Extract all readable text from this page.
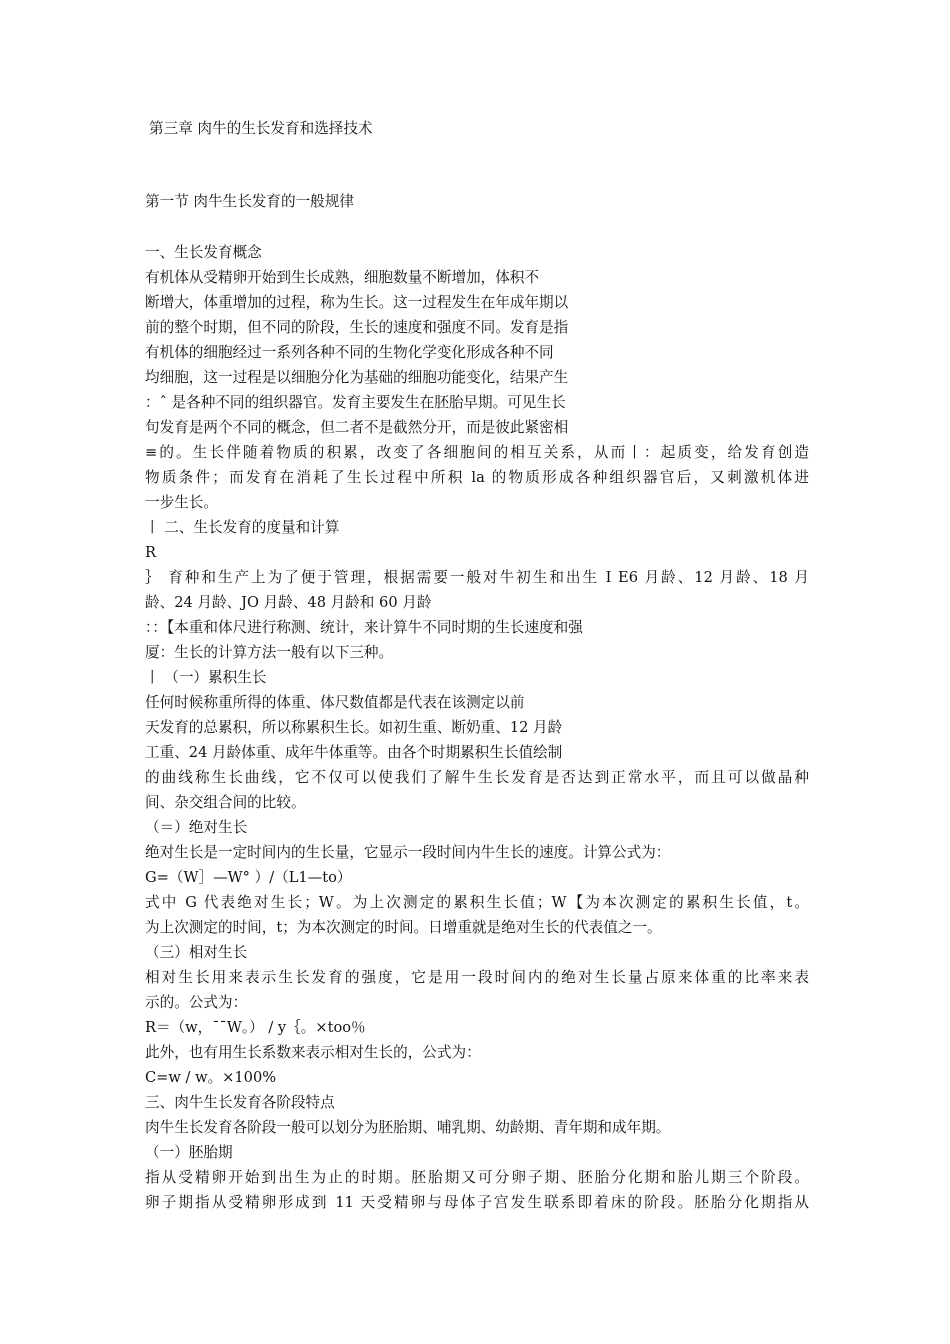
第三章 肉牛的生长发育和选择技术
第一节 肉牛生长发育的一般规律
一、生长发育概念
有机体从受精卵开始到生长成熟，细胞数量不断增加，体积不
断增大，体重增加的过程，称为生长。这一过程发生在年成年期以
前的整个时期，但不同的阶段，生长的速度和强度不同。发育是指
有机体的细胞经过一系列各种不同的生物化学变化形成各种不同
均细胞，这一过程是以细胞分化为基础的细胞功能变化，结果产生
：ˆ 是各种不同的组织器官。发育主要发生在胚胎早期。可见生长
句发育是两个不同的概念，但二者不是截然分开，而是彼此紧密相
≡的。生长伴随着物质的积累，改变了各细胞间的相互关系，从而丨：起质变，给发育创造
物质条件；而发育在消耗了生长过程中所积 la 的物质形成各种组织器官后，又刺激机体进
一步生长。
丨 二、生长发育的度量和计算
R
｝ 育种和生产上为了便于管理，根据需要一般对牛初生和出生 I E6 月龄、12 月龄、18 月
龄、24 月龄、JO 月龄、48 月龄和 60 月龄
：：【本重和体尺进行称测、统计，来计算牛不同时期的生长速度和强
厦：生长的计算方法一般有以下三种。
丨 （一）累积生长
任何时候称重所得的体重、体尺数值都是代表在该测定以前
天发育的总累积，所以称累积生长。如初生重、断奶重、12 月龄
工重、24 月龄体重、成年牛体重等。由各个时期累积生长值绘制
的曲线称生长曲线，它不仅可以使我们了解牛生长发育是否达到正常水平，而且可以做晶种
间、杂交组合间的比较。
（＝）绝对生长
绝对生长是一定时间内的生长量，它显示一段时间内牛生长的速度。计算公式为：
G=（W］—W° ）/（L1—to）
式中 G 代表绝对生长；W。为上次测定的累积生长值；W【为本次测定的累积生长值，t。
为上次测定的时间，t；为本次测定的时间。日增重就是绝对生长的代表值之一。
（三）相对生长
相对生长用来表示生长发育的强度，它是用一段时间内的绝对生长量占原来体重的比率来表
示的。公式为：
R＝（w，¯¯W。） / y｛。×too％
此外，也有用生长系数来表示相对生长的，公式为：
C=w / w。×100%
三、肉牛生长发育各阶段特点
肉牛生长发育各阶段一般可以划分为胚胎期、哺乳期、幼龄期、青年期和成年期。
（一）胚胎期
指从受精卵开始到出生为止的时期。胚胎期又可分卵子期、胚胎分化期和胎儿期三个阶段。
卵子期指从受精卵形成到 11 天受精卵与母体子宫发生联系即着床的阶段。胚胎分化期指从
